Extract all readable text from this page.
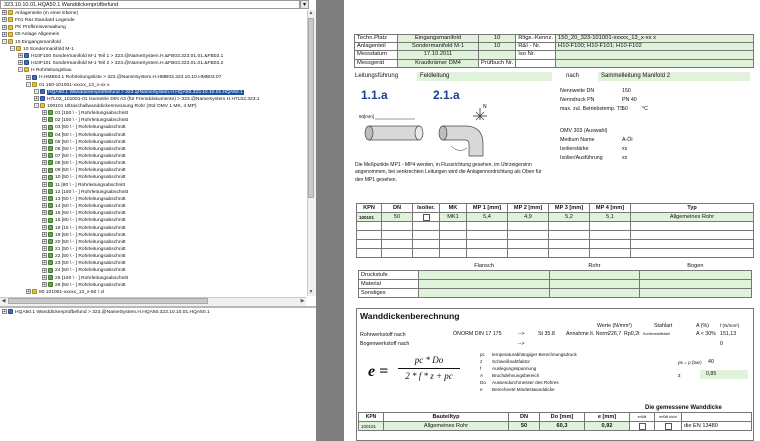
323.10.10.01.HQA50.1 Wanddickenprüfbefund	▾
+ Anlagenteile (in einer Ebene)
+ F01 R&I Standard Legende
+ PK Prüfkreisverwaltung
+ 00 Anlage Allgemein
- 10 Eingangsmanifold
- 10 Sondermanifold M-1
+ H10F100 Sondermanifold M-1 Teil 1 > 323.@NameSystem.H.&FB03.323.01.01.&FB03.1
+ H10F101 Sondermanifold M-1 Teil 2 > 323.@NameSystem.H.&FB03.323.01.01.&FB03.2
- H Rohrleitungsbau
+ H.HMB03.1 Rohrleitungsliste > 323.@NameSystem.H.HMB03.323.10.10.HMB03.07
- 01 150-101001-xxxxx_13_x-xx x
- HQA50.1 Wanddickenprüfbefund > 323.@NameSystem.H.HQA50.323.10.10.01.HQA50.1
+ H7L02_101001-01 Isometrie DIN A3 (für Fremddokumente) > 323.@NameSystem.H.H7L02.323.1
- 100101 Ultraschallwanddickenmessung Rohr (Std OMV 1 MK, 4 MP)
+ 01 [150 \ - ] Rohrleitungsabschnitt
+ 02 [150 \ - ] Rohrleitungsabschnitt
+ 03 [50 \ - ] Rohrleitungsabschnitt
+ 04 [50 \ - ] Rohrleitungsabschnitt
+ 05 [50 \ - ] Rohrleitungsabschnitt
+ 06 [50 \ - ] Rohrleitungsabschnitt
+ 07 [50 \ - ] Rohrleitungsabschnitt
+ 08 [50 \ - ] Rohrleitungsabschnitt
+ 09 [50 \ - ] Rohrleitungsabschnitt
+ 10 [50 \ - ] Rohrleitungsabschnitt
+ 11 [80 \ - ] Rohrleitungsabschnitt
+ 12 [150 \ - ] Rohrleitungsabschnitt
+ 13 [50 \ - ] Rohrleitungsabschnitt
+ 14 [50 \ - ] Rohrleitungsabschnitt
+ 15 [50 \ - ] Rohrleitungsabschnitt
+ 16 [80 \ - ] Rohrleitungsabschnitt
+ 18 [15 \ - ] Rohrleitungsabschnitt
+ 19 [50 \ - ] Rohrleitungsabschnitt
+ 20 [50 \ - ] Rohrleitungsabschnitt
+ 21 [50 \ - ] Rohrleitungsabschnitt
+ 22 [50 \ - ] Rohrleitungsabschnitt
+ 23 [50 \ - ] Rohrleitungsabschnitt
+ 24 [50 \ - ] Rohrleitungsabschnitt
+ 25 [150 \ - ] Rohrleitungsabschnitt
+ 26 [50 \ - ] Rohrleitungsabschnitt
+ 80 101001-xxxxx_13_x-50 \ xl
▲
▼
◀	▶
+ HQA50.1 Wanddickenprüfbefund > 323.@NameSystem.H.HQA50.323.10.10.01.HQA50.1
Techn.Platz	Eingangsmanifold	10	Rltgs.-Kennz.	150_20_323-101001-xxxxx_13_x-xx x
Anlagenteil	Sondermanifold M-1	10	R&I - Nr.	H10-F100; H10-F101; H10-F102
Messdatum	17.10.2011		Iso Nr.	
Messgerät	Krautkrämer DM4	Prüfbuch Nr.		
Leitungsführung	Feldleitung	nach	Sammelleitung Manifold 2
1.1.a	2.1.a
N
50[mm]
Die Meßpunkte MP1 - MP4 werden, in Flussrichtung gesehen, im Uhrzeigersinn angenommen, bei senkrechten Leitungen wird die Anlagennordrichtung als Oben für den MP1 gesehen.
Nennweite DN	150
Nenndruck PN	PN 40
max. zul. Betriebstemp. TS
50	°C
OMV 303 (Auswahl)
Medium Name	A-Öl
Isolierstärke	xx
Isolier/Ausführung	xx
KPN	DN	Isolier.	MK	MP 1 [mm]	MP 2 [mm]	MP 3 [mm]	MP 4 [mm]	Typ
100101	50		MK1	5,4	4,9	5,2	5,1	Allgemeines Rohr

	Flansch	Rohr	Bogen
Druckstufe			
Material			
Sonstiges			
Wanddickenberechnung
Werte (N/mm²)	Stahlart	A (%) f (N/mm²)
Rohrwerkstoff nach	ÖNORM DIN 17 175	-->	St 35.8 Annahme lt. Norm 226,7 Rp0,2t Kohlenstoffstahl	A < 30% 151,13
Bogenwerkstoff nach	-->	0
e =
pc * Do
2 * f * z + pc
pc temperaturabhängiger Berechnungsdruck
z Schweißnahtfaktor
f Auslegungsspannung
A Bruchdehnungsbereich
Do Aussendurchmesser des Rohres
e Berechnete Mindestwanddicke
ps = p (bar) 40
z	0,85
Die gemessene Wanddicke
KPN	Bauteiltyp	DN	Do [mm]	e [mm]	erfüllt	erfüllt nicht	
100101	Allgemeines Rohr	50	60,3	0,92			die EN 13480
